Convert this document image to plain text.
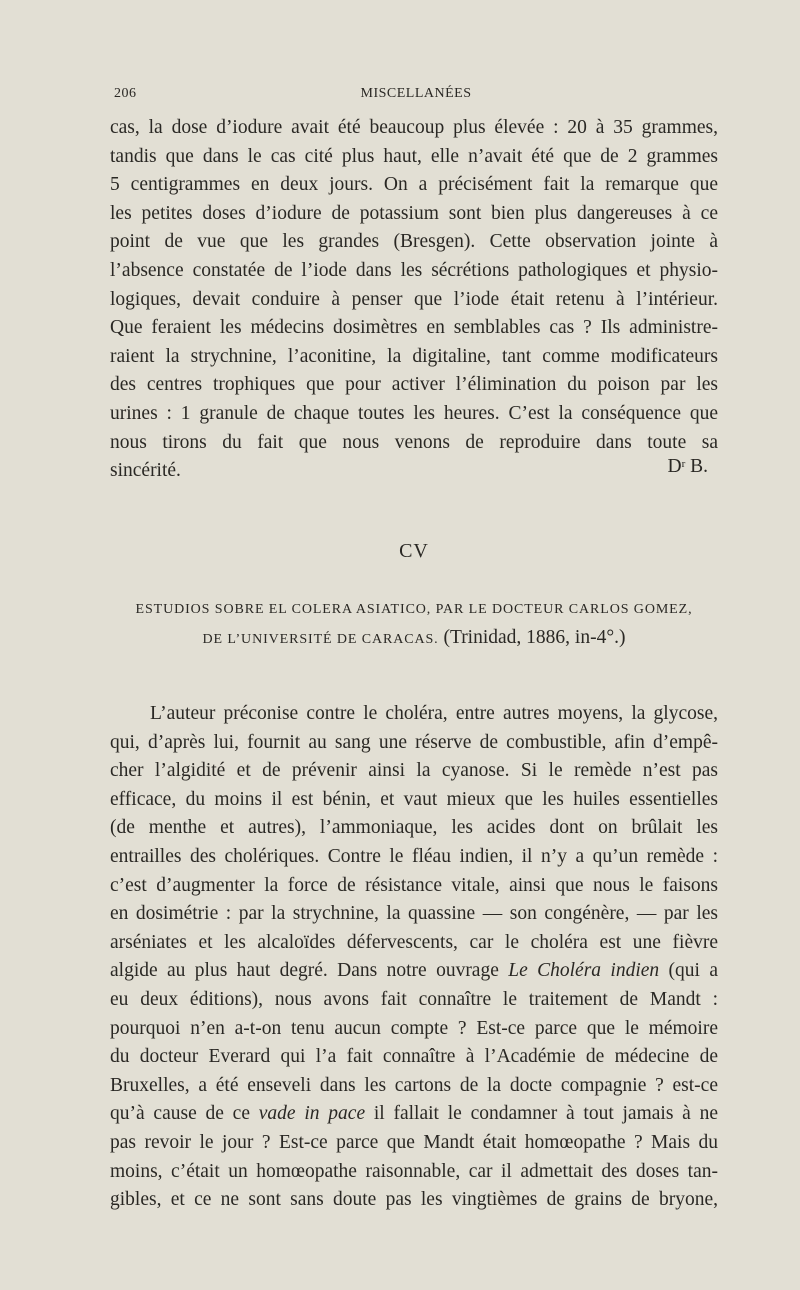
206	MISCELLANÉES
cas, la dose d’iodure avait été beaucoup plus élevée : 20 à 35 grammes,
tandis que dans le cas cité plus haut, elle n’avait été que de 2 grammes
5 centigrammes en deux jours. On a précisément fait la remarque que
les petites doses d’iodure de potassium sont bien plus dangereuses à ce
point de vue que les grandes (Bresgen). Cette observation jointe à
l’absence constatée de l’iode dans les sécrétions pathologiques et physio-
logiques, devait conduire à penser que l’iode était retenu à l’intérieur.
Que feraient les médecins dosimètres en semblables cas ? Ils administre-
raient la strychnine, l’aconitine, la digitaline, tant comme modificateurs
des centres trophiques que pour activer l’élimination du poison par les
urines : 1 granule de chaque toutes les heures. C’est la conséquence que
nous tirons du fait que nous venons de reproduire dans toute sa
sincérité.	$D^r$ B.
CV
ESTUDIOS SOBRE EL COLERA ASIATICO, PAR LE DOCTEUR CARLOS GOMEZ,
DE L’UNIVERSITÉ DE CARACAS. (Trinidad, 1886, in-4°.)
L’auteur préconise contre le choléra, entre autres moyens, la glycose,
qui, d’après lui, fournit au sang une réserve de combustible, afin d’empê-
cher l’algidité et de prévenir ainsi la cyanose. Si le remède n’est pas
efficace, du moins il est bénin, et vaut mieux que les huiles essentielles
(de menthe et autres), l’ammoniaque, les acides dont on brûlait les
entrailles des cholériques. Contre le fléau indien, il n’y a qu’un remède :
c’est d’augmenter la force de résistance vitale, ainsi que nous le faisons
en dosimétrie : par la strychnine, la quassine — son congénère, — par les
arséniates et les alcaloïdes défervescents, car le choléra est une fièvre
algide au plus haut degré. Dans notre ouvrage Le Choléra indien (qui a
eu deux éditions), nous avons fait connaître le traitement de Mandt :
pourquoi n’en a-t-on tenu aucun compte ? Est-ce parce que le mémoire
du docteur Everard qui l’a fait connaître à l’Académie de médecine de
Bruxelles, a été enseveli dans les cartons de la docte compagnie ? est-ce
qu’à cause de ce vade in pace il fallait le condamner à tout jamais à ne
pas revoir le jour ? Est-ce parce que Mandt était homœopathe ? Mais du
moins, c’était un homœopathe raisonnable, car il admettait des doses tan-
gibles, et ce ne sont sans doute pas les vingtièmes de grains de bryone,
